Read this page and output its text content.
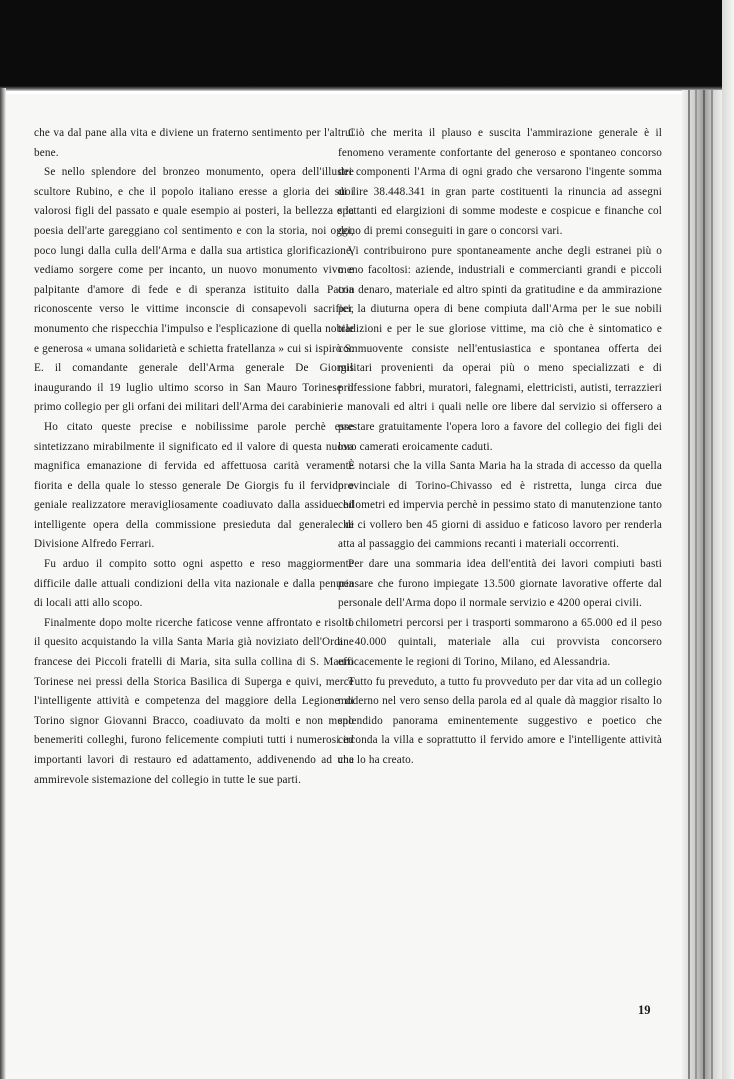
che va dal pane alla vita e diviene un fraterno sentimento per l'altrui bene.

Se nello splendore del bronzeo monumento, opera dell'illustre scultore Rubino, e che il popolo italiano eresse a gloria dei suoi valorosi figli del passato e quale esempio ai posteri, la bellezza e la poesia dell'arte gareggiano col sentimento e con la storia, noi oggi, poco lungi dalla culla dell'Arma e dalla sua artistica glorificazione, vediamo sorgere come per incanto, un nuovo monumento vivo e palpitante d'amore di fede e di speranza istituito dalla Patria riconoscente verso le vittime inconscie di consapevoli sacrifici, monumento che rispecchia l'impulso e l'esplicazione di quella nobile e generosa « umana solidarietà e schietta fratellanza » cui si ispirò S. E. il comandante generale dell'Arma generale De Giorgis inaugurando il 19 luglio ultimo scorso in San Mauro Torinese il primo collegio per gli orfani dei militari dell'Arma dei carabinieri.

Ho citato queste precise e nobilissime parole perchè esse sintetizzano mirabilmente il significato ed il valore di questa nuova magnifica emanazione di fervida ed affettuosa carità veramente fiorita e della quale lo stesso generale De Giorgis fu il fervido e geniale realizzatore meravigliosamente coadiuvato dalla assidue ed intelligente opera della commissione presieduta dal generale di Divisione Alfredo Ferrari.

Fu arduo il compito sotto ogni aspetto e reso maggiormente difficile dalle attuali condizioni della vita nazionale e dalla penuria di locali atti allo scopo.

Finalmente dopo molte ricerche faticose venne affrontato e risolto il quesito acquistando la villa Santa Maria già noviziato dell'Ordine francese dei Piccoli fratelli di Maria, sita sulla collina di S. Mauro Torinese nei pressi della Storica Basilica di Superga e quivi, mercè l'intelligente attività e competenza del maggiore della Legione di Torino signor Giovanni Bracco, coadiuvato da molti e non meno benemeriti colleghi, furono felicemente compiuti tutti i numerosi ed importanti lavori di restauro ed adattamento, addivenendo ad una ammirevole sistemazione del collegio in tutte le sue parti.

Ciò che merita il plauso e suscita l'ammirazione generale è il fenomeno veramente confortante del generoso e spontaneo concorso dei componenti l'Arma di ogni grado che versarono l'ingente somma di lire 38.448.341 in gran parte costituenti la rinuncia ad assegni spettanti ed elargizioni di somme modeste e cospicue e finanche col dono di premi conseguiti in gare o concorsi vari.

Vi contribuirono pure spontaneamente anche degli estranei più o meno facoltosi: aziende, industriali e commercianti grandi e piccoli con denaro, materiale ed altro spinti da gratitudine e da ammirazione per la diuturna opera di bene compiuta dall'Arma per le sue nobili tradizioni e per le sue gloriose vittime, ma ciò che è sintomatico e commuovente consiste nell'entusiastica e spontanea offerta dei militari provenienti da operai più o meno specializzati e di professione fabbri, muratori, falegnami, elettricisti, autisti, terrazzieri e manovali ed altri i quali nelle ore libere dal servizio si offersero a prestare gratuitamente l'opera loro a favore del collegio dei figli dei loro camerati eroicamente caduti.

È notarsi che la villa Santa Maria ha la strada di accesso da quella provinciale di Torino-Chivasso ed è ristretta, lunga circa due chilometri ed impervia perchè in pessimo stato di manutenzione tanto che ci vollero ben 45 giorni di assiduo e faticoso lavoro per renderla atta al passaggio dei cammions recanti i materiali occorrenti.

Per dare una sommaria idea dell'entità dei lavori compiuti basti pensare che furono impiegate 13.500 giornate lavorative offerte dal personale dell'Arma dopo il normale servizio e 4200 operai civili.

I chilometri percorsi per i trasporti sommarono a 65.000 ed il peso a 40.000 quintali, materiale alla cui provvista concorsero efficacemente le regioni di Torino, Milano, ed Alessandria.

Tutto fu preveduto, a tutto fu provveduto per dar vita ad un collegio moderno nel vero senso della parola ed al quale dà maggior risalto lo splendido panorama eminentemente suggestivo e poetico che circonda la villa e soprattutto il fervido amore e l'intelligente attività che lo ha creato.

19
